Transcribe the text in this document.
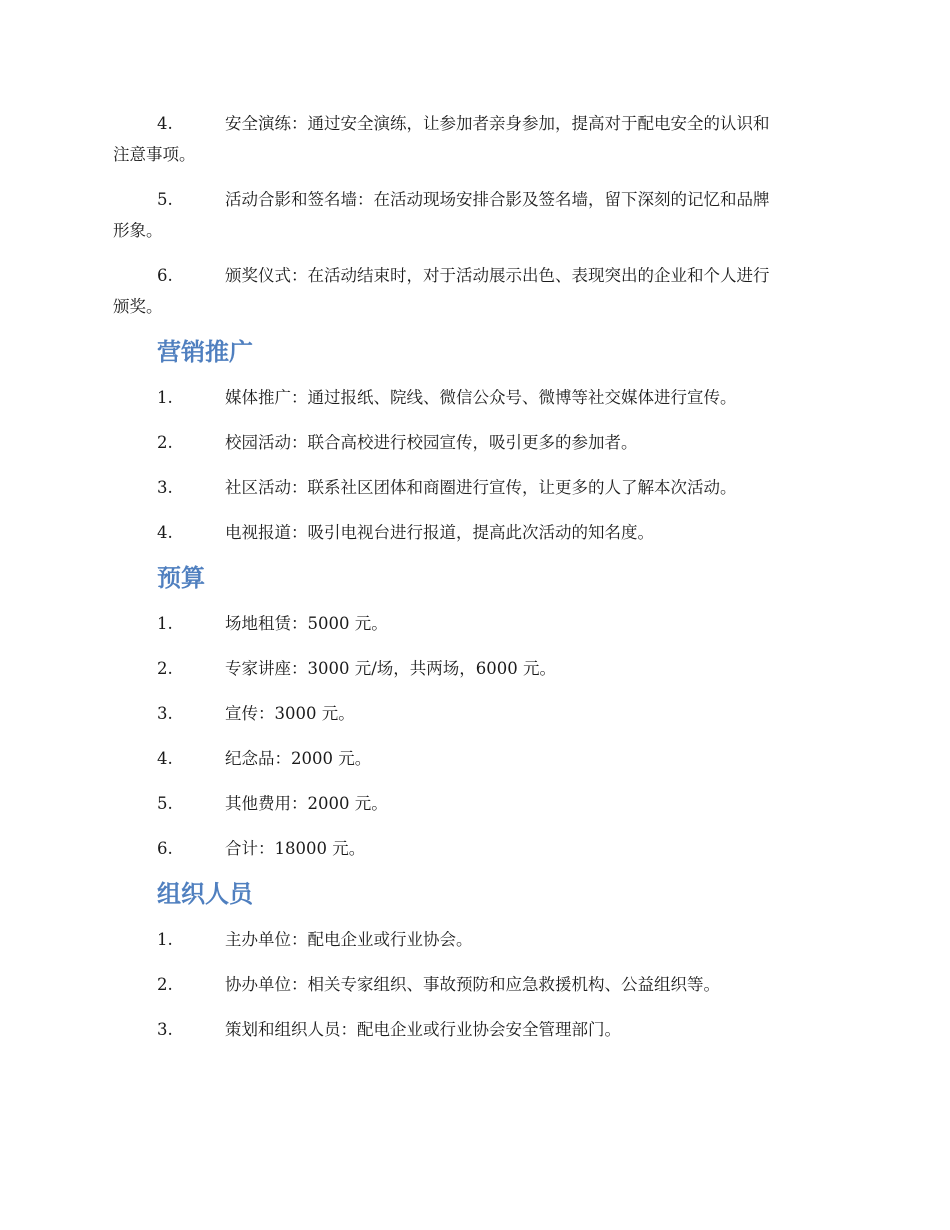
4.	安全演练：通过安全演练，让参加者亲身参加，提高对于配电安全的认识和
注意事项。
5.	活动合影和签名墙：在活动现场安排合影及签名墙，留下深刻的记忆和品牌
形象。
6.	颁奖仪式：在活动结束时，对于活动展示出色、表现突出的企业和个人进行
颁奖。
营销推广
1.	媒体推广：通过报纸、院线、微信公众号、微博等社交媒体进行宣传。
2.	校园活动：联合高校进行校园宣传，吸引更多的参加者。
3.	社区活动：联系社区团体和商圈进行宣传，让更多的人了解本次活动。
4.	电视报道：吸引电视台进行报道，提高此次活动的知名度。
预算
1.	场地租赁：5000 元。
2.	专家讲座：3000 元/场，共两场，6000 元。
3.	宣传：3000 元。
4.	纪念品：2000 元。
5.	其他费用：2000 元。
6.	合计：18000 元。
组织人员
1.	主办单位：配电企业或行业协会。
2.	协办单位：相关专家组织、事故预防和应急救援机构、公益组织等。
3.	策划和组织人员：配电企业或行业协会安全管理部门。
